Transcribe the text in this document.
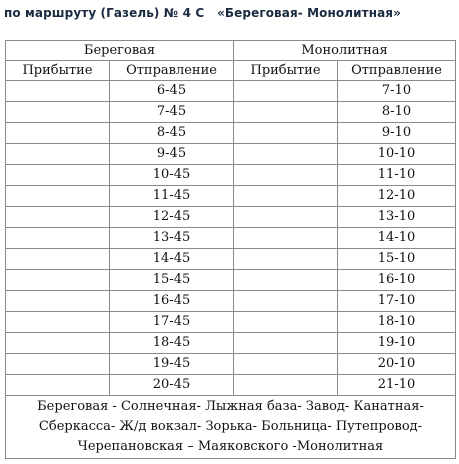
по маршруту (Газель) № 4 С   «Береговая- Монолитная»
Береговая		Монолитная	
Прибытие	Отправление	Прибытие	Отправление
	6-45		7-10
	7-45		8-10
	8-45		9-10
	9-45		10-10
	10-45		11-10
	11-45		12-10
	12-45		13-10
	13-45		14-10
	14-45		15-10
	15-45		16-10
	16-45		17-10
	17-45		18-10
	18-45		19-10
	19-45		20-10
	20-45		21-10
Береговая - Солнечная- Лыжная база- Завод- Канатная- Сберкасса- Ж/д вокзал- Зорька- Больница- Путепровод- Черепановская – Маяковского -Монолитная			
